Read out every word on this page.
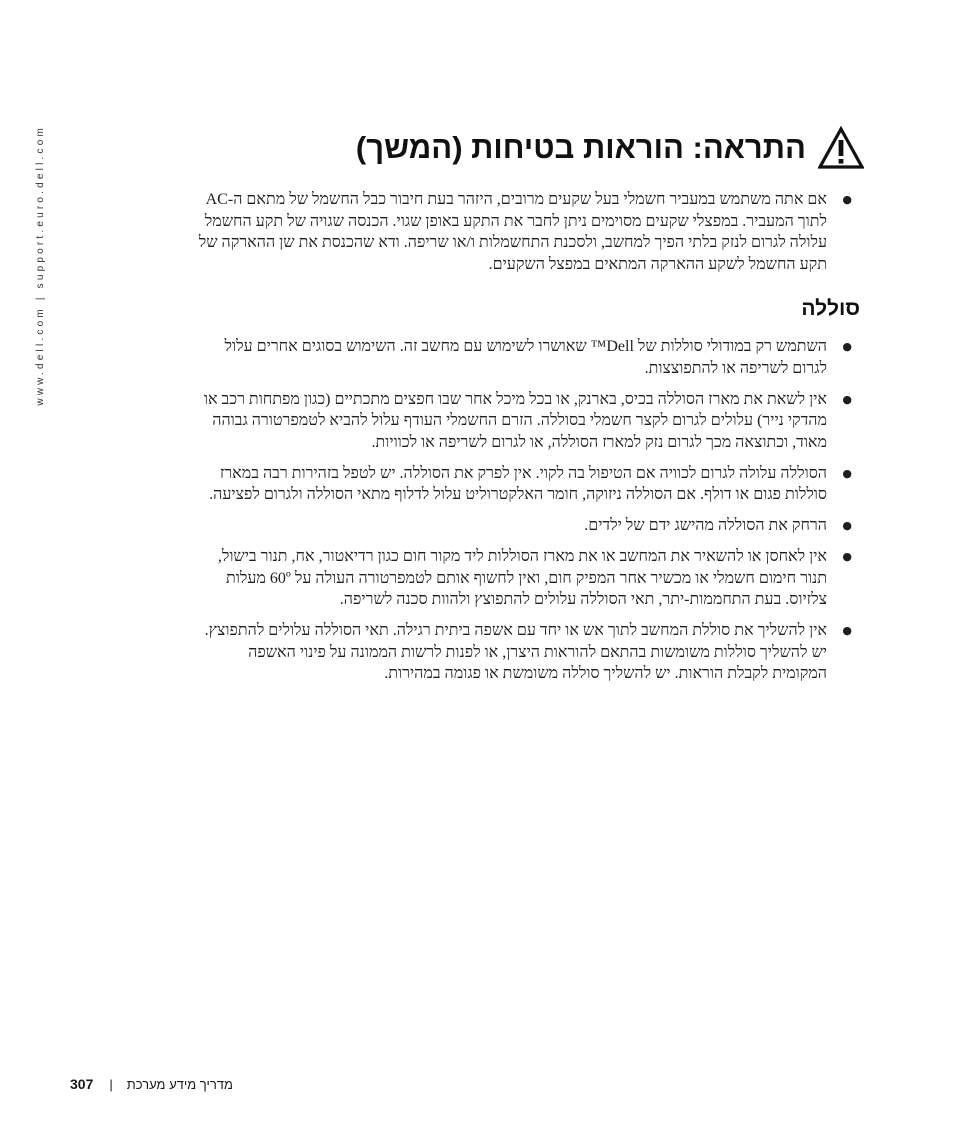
www.dell.com | support.euro.dell.com	התראה: הוראות בטיחות (המשך)
●
אם אתה משתמש במעביר חשמלי בעל שקעים מרובים, היזהר בעת חיבור כבל החשמל של מתאם ה-AC לתוך המעביר. במפצלי שקעים מסוימים ניתן לחבר את התקע באופן שגוי. הכנסה שגויה של תקע החשמל עלולה לגרום לנזק בלתי הפיך למחשב, ולסכנת התחשמלות ו/או שריפה. ודא שהכנסת את שן ההארקה של תקע החשמל לשקע ההארקה המתאים במפצל השקעים.
סוללה
●
השתמש רק במודולי סוללות של Dell™ שאושרו לשימוש עם מחשב זה. השימוש בסוגים אחרים עלול לגרום לשריפה או להתפוצצות.
●
אין לשאת את מארז הסוללה בכיס, בארנק, או בכל מיכל אחר שבו חפצים מתכתיים (כגון מפתחות רכב או מהדקי נייר) עלולים לגרום לקצר חשמלי בסוללה. הזרם החשמלי העודף עלול להביא לטמפרטורה גבוהה מאוד, וכתוצאה מכך לגרום נזק למארז הסוללה, או לגרום לשריפה או לכוויות.
●
הסוללה עלולה לגרום לכוויה אם הטיפול בה לקוי. אין לפרק את הסוללה. יש לטפל בזהירות רבה במארז סוללות פגום או דולף. אם הסוללה ניזוקה, חומר האלקטרוליט עלול לדלוף מתאי הסוללה ולגרום לפציעה.
●
הרחק את הסוללה מהישג ידם של ילדים.
●
אין לאחסן או להשאיר את המחשב או את מארז הסוללות ליד מקור חום כגון רדיאטור, אח, תנור בישול, תנור חימום חשמלי או מכשיר אחר המפיק חום, ואין לחשוף אותם לטמפרטורה העולה על 60º מעלות צלזיוס. בעת התחממות-יתר, תאי הסוללה עלולים להתפוצץ ולהוות סכנה לשריפה.
●
אין להשליך את סוללת המחשב לתוך אש או יחד עם אשפה ביתית רגילה. תאי הסוללה עלולים להתפוצץ. יש להשליך סוללות משומשות בהתאם להוראות היצרן, או לפנות לרשות הממונה על פינוי האשפה המקומית לקבלת הוראות. יש להשליך סוללה משומשת או פגומה במהירות.
307 | מדריך מידע מערכת
